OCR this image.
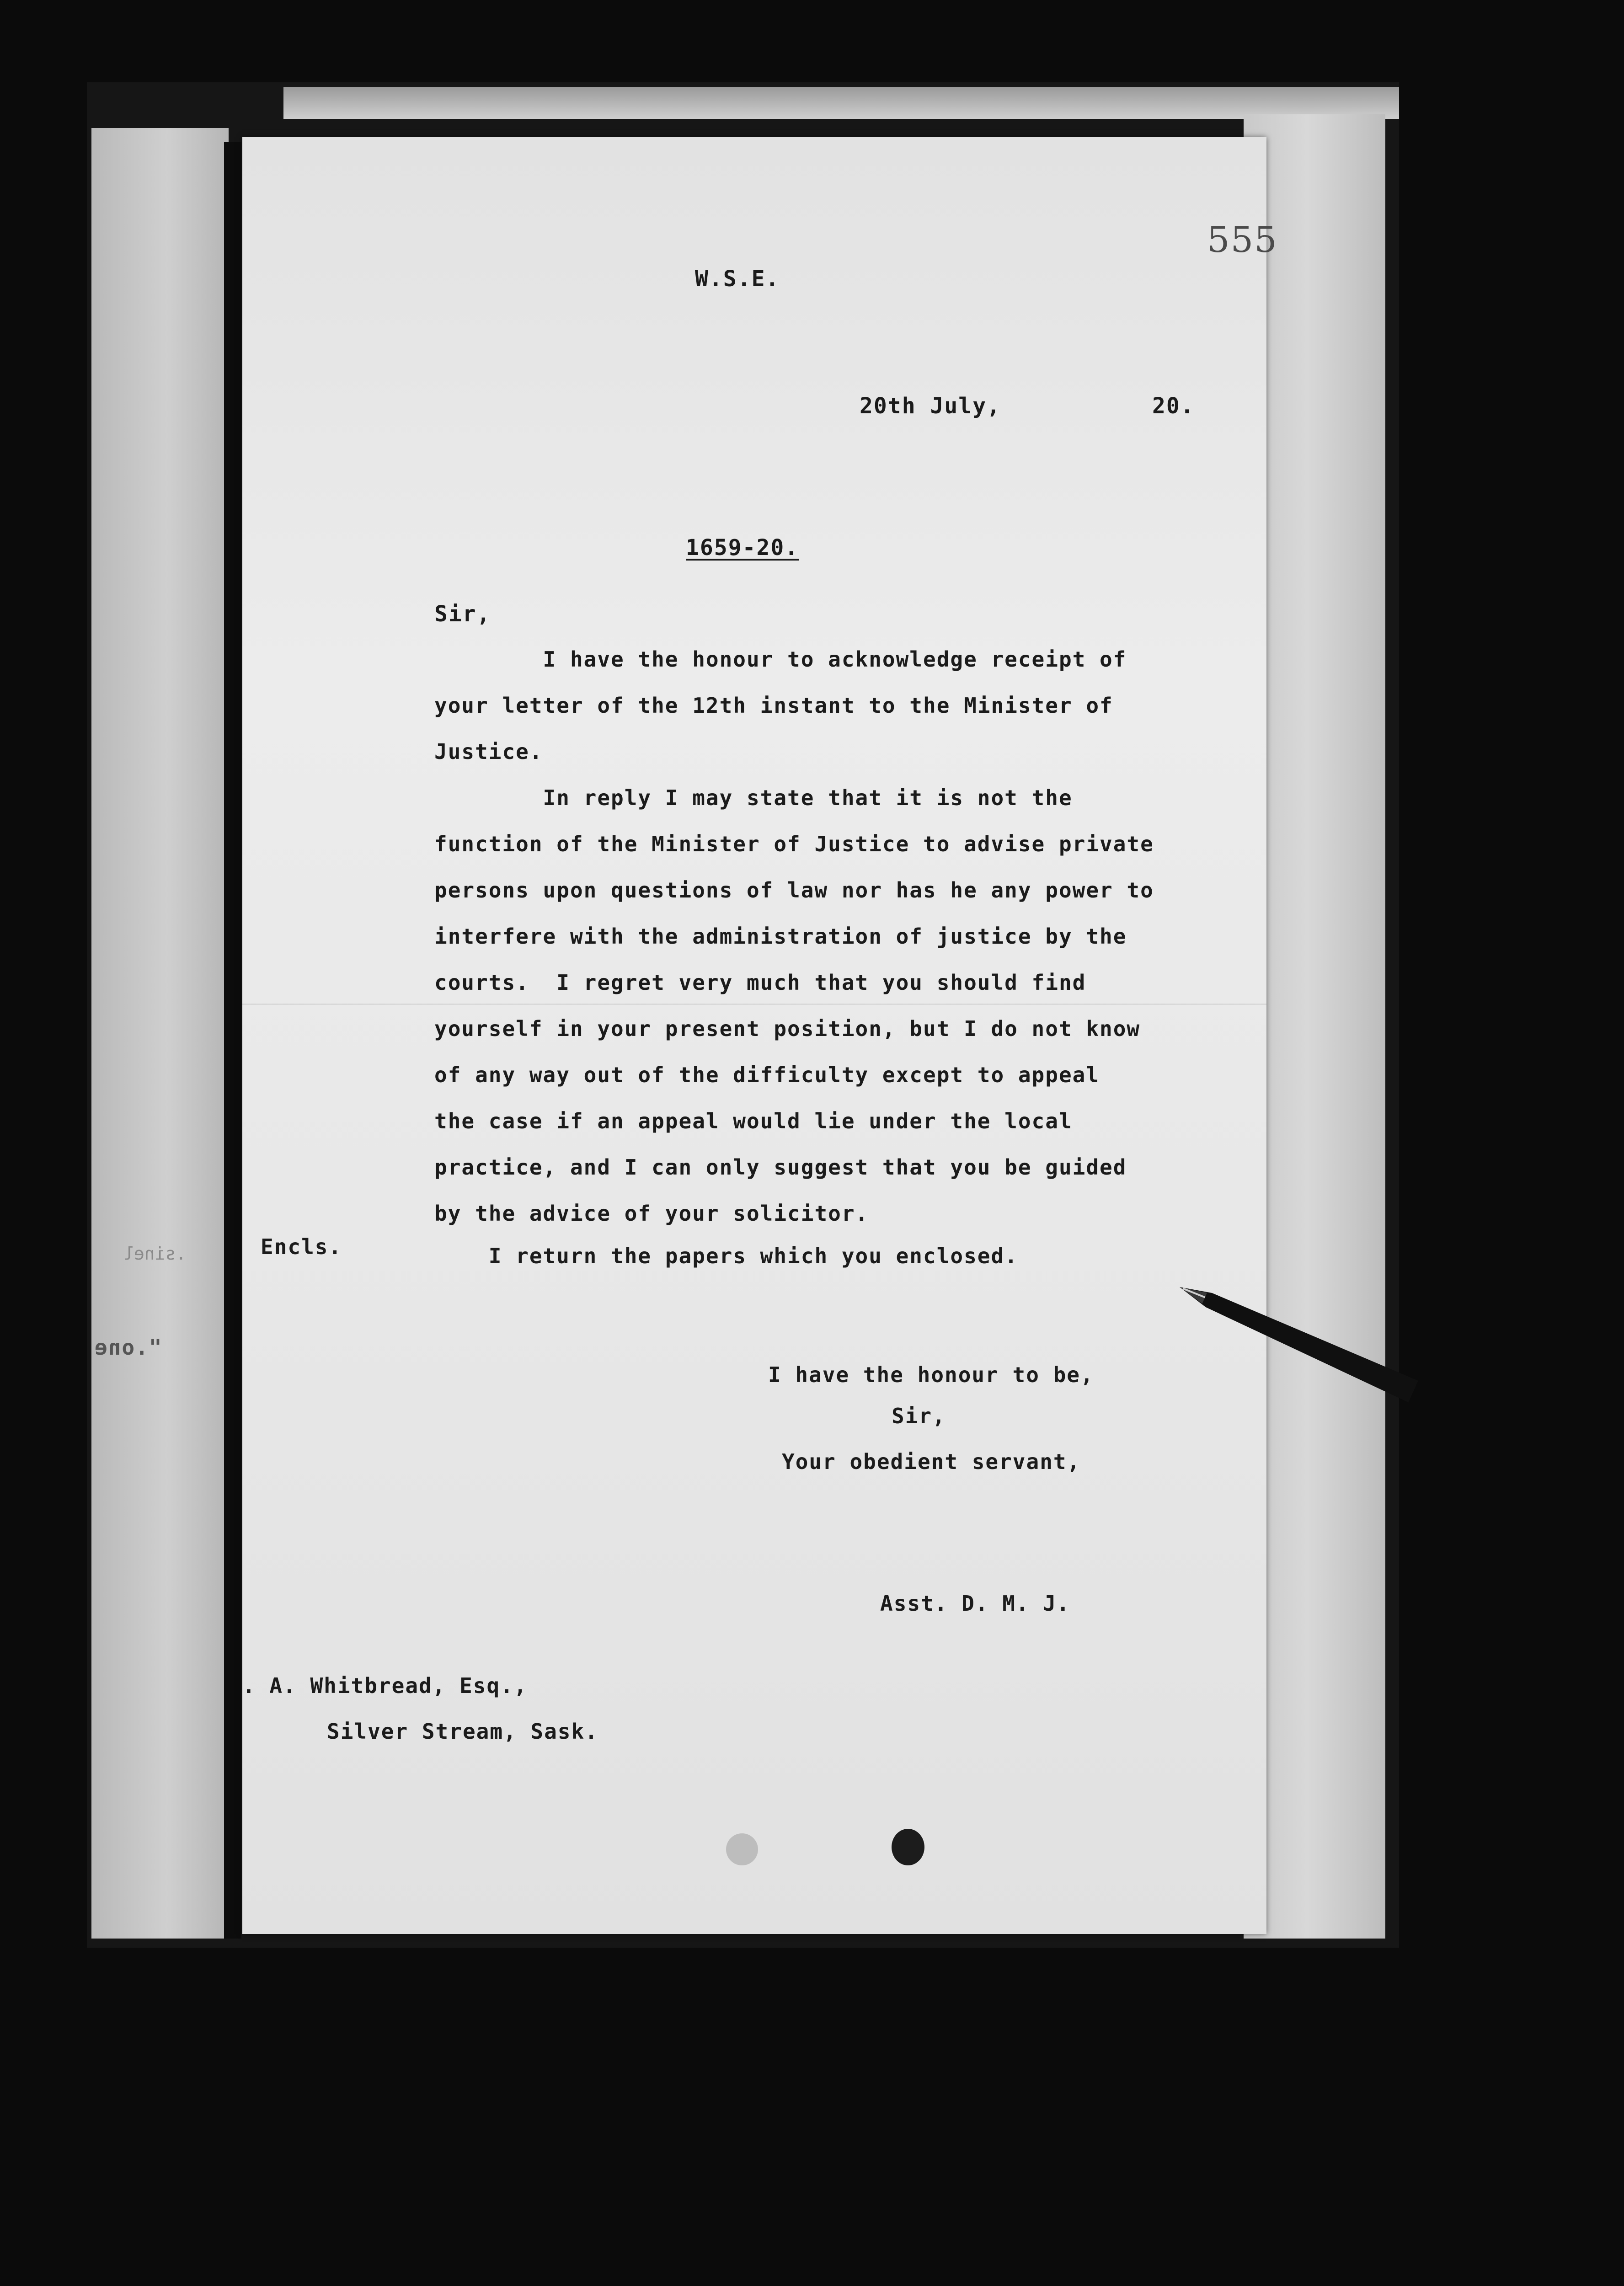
".one
.sinel
555
W.S.E.
20th July,	20.
1659-20.
Sir,
I have the honour to acknowledge receipt of
your letter of the 12th instant to the Minister of
Justice.
In reply I may state that it is not the
function of the Minister of Justice to advise private
persons upon questions of law nor has he any power to
interfere with the administration of justice by the
courts.  I regret very much that you should find
yourself in your present position, but I do not know
of any way out of the difficulty except to appeal
the case if an appeal would lie under the local
practice, and I can only suggest that you be guided
by the advice of your solicitor.
I return the papers which you enclosed.
Encls.
I have the honour to be,
Sir,
Your obedient servant,
Asst. D. M. J.
. A. Whitbread, Esq.,
Silver Stream, Sask.
